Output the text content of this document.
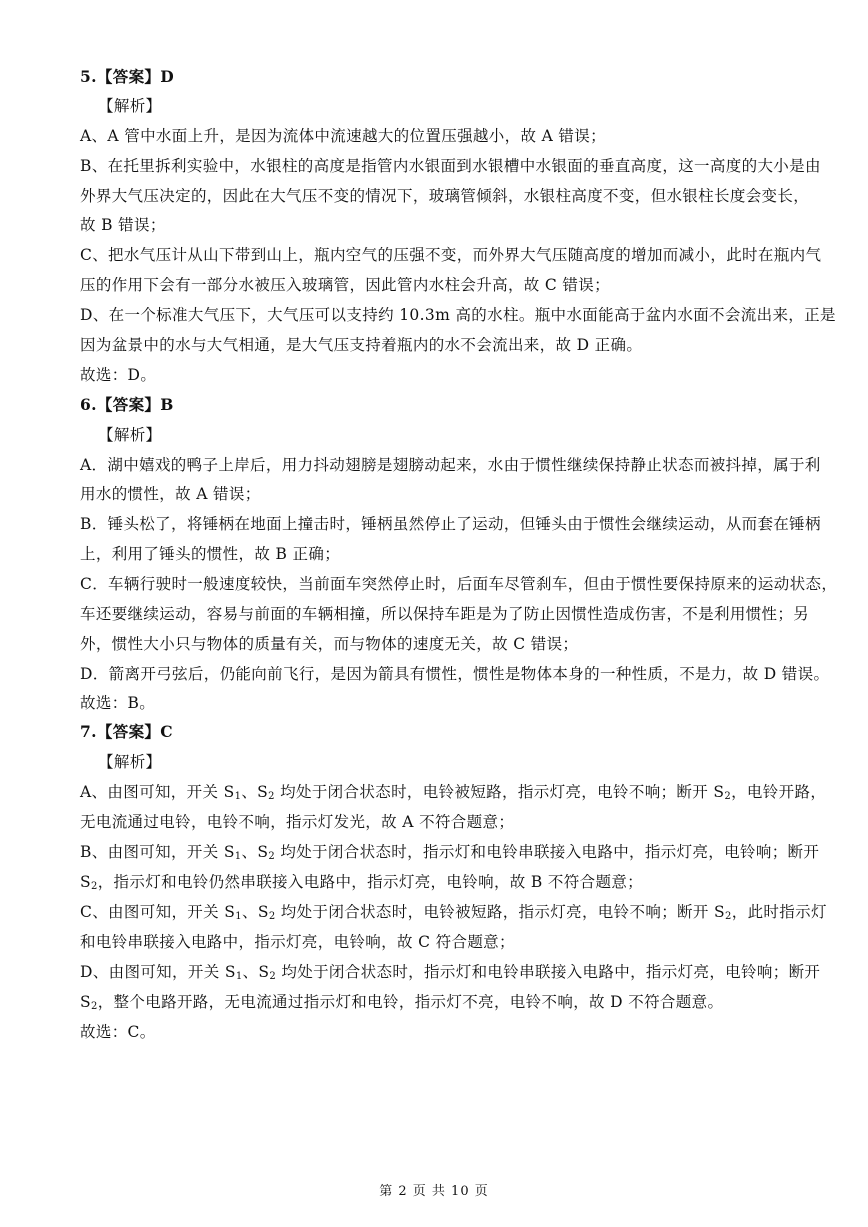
5.【答案】D
【解析】
A、A 管中水面上升，是因为流体中流速越大的位置压强越小，故 A 错误；
B、在托里拆利实验中，水银柱的高度是指管内水银面到水银槽中水银面的垂直高度，这一高度的大小是由
外界大气压决定的，因此在大气压不变的情况下，玻璃管倾斜，水银柱高度不变，但水银柱长度会变长，
故 B 错误；
C、把水气压计从山下带到山上，瓶内空气的压强不变，而外界大气压随高度的增加而减小，此时在瓶内气
压的作用下会有一部分水被压入玻璃管，因此管内水柱会升高，故 C 错误；
D、在一个标准大气压下，大气压可以支持约 10.3m 高的水柱。瓶中水面能高于盆内水面不会流出来，正是
因为盆景中的水与大气相通，是大气压支持着瓶内的水不会流出来，故 D 正确。
故选：D。
6.【答案】B
【解析】
A．湖中嬉戏的鸭子上岸后，用力抖动翅膀是翅膀动起来，水由于惯性继续保持静止状态而被抖掉，属于利
用水的惯性，故 A 错误；
B．锤头松了，将锤柄在地面上撞击时，锤柄虽然停止了运动，但锤头由于惯性会继续运动，从而套在锤柄
上，利用了锤头的惯性，故 B 正确；
C．车辆行驶时一般速度较快，当前面车突然停止时，后面车尽管刹车，但由于惯性要保持原来的运动状态，
车还要继续运动，容易与前面的车辆相撞，所以保持车距是为了防止因惯性造成伤害，不是利用惯性；另
外，惯性大小只与物体的质量有关，而与物体的速度无关，故 C 错误；
D．箭离开弓弦后，仍能向前飞行，是因为箭具有惯性，惯性是物体本身的一种性质，不是力，故 D 错误。
故选：B。
7.【答案】C
【解析】
A、由图可知，开关 $S_1$、$S_2$ 均处于闭合状态时，电铃被短路，指示灯亮，电铃不响；断开 $S_2$，电铃开路，
无电流通过电铃，电铃不响，指示灯发光，故 A 不符合题意；
B、由图可知，开关 $S_1$、$S_2$ 均处于闭合状态时，指示灯和电铃串联接入电路中，指示灯亮，电铃响；断开
$S_2$，指示灯和电铃仍然串联接入电路中，指示灯亮，电铃响，故 B 不符合题意；
C、由图可知，开关 $S_1$、$S_2$ 均处于闭合状态时，电铃被短路，指示灯亮，电铃不响；断开 $S_2$，此时指示灯
和电铃串联接入电路中，指示灯亮，电铃响，故 C 符合题意；
D、由图可知，开关 $S_1$、$S_2$ 均处于闭合状态时，指示灯和电铃串联接入电路中，指示灯亮，电铃响；断开
$S_2$，整个电路开路，无电流通过指示灯和电铃，指示灯不亮，电铃不响，故 D 不符合题意。
故选：C。
第 2 页 共 10 页
